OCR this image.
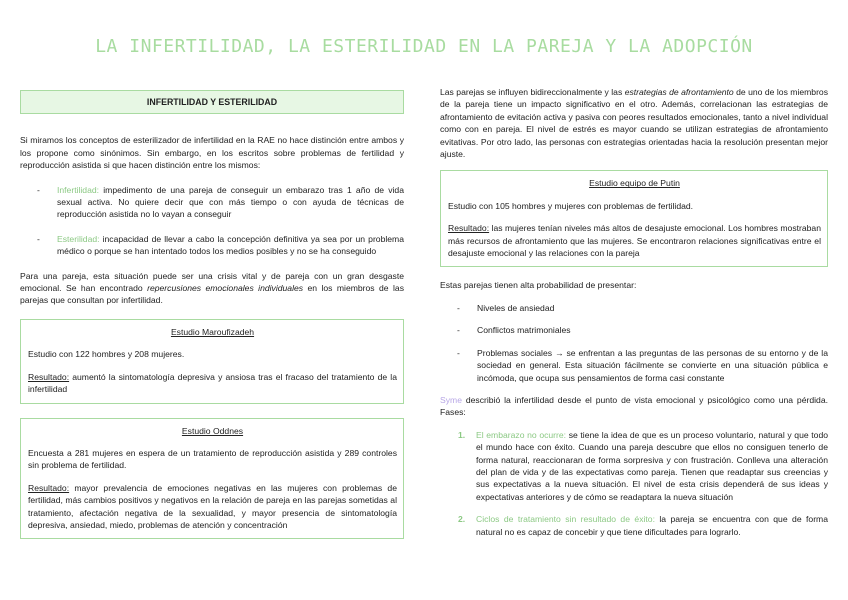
LA INFERTILIDAD, LA ESTERILIDAD EN LA PAREJA Y LA ADOPCIÓN
INFERTILIDAD Y ESTERILIDAD

Si miramos los conceptos de esterilizador de infertilidad en la RAE no hace distinción entre ambos y los propone como sinónimos. Sin embargo, en los escritos sobre problemas de fertilidad y reproducción asistida si que hacen distinción entre los mismos:

- Infertilidad: impedimento de una pareja de conseguir un embarazo tras 1 año de vida sexual activa. No quiere decir que con más tiempo o con ayuda de técnicas de reproducción asistida no lo vayan a conseguir
- Esterilidad: incapacidad de llevar a cabo la concepción definitiva ya sea por un problema médico o porque se han intentado todos los medios posibles y no se ha conseguido

Para una pareja, esta situación puede ser una crisis vital y de pareja con un gran desgaste emocional. Se han encontrado repercusiones emocionales individuales en los miembros de las parejas que consultan por infertilidad.

Estudio Maroufizadeh

Estudio con 122 hombres y 208 mujeres.

Resultado: aumentó la sintomatología depresiva y ansiosa tras el fracaso del tratamiento de la infertilidad

Estudio Oddnes

Encuesta a 281 mujeres en espera de un tratamiento de reproducción asistida y 289 controles sin problema de fertilidad.

Resultado: mayor prevalencia de emociones negativas en las mujeres con problemas de fertilidad, más cambios positivos y negativos en la relación de pareja en las parejas sometidas al tratamiento, afectación negativa de la sexualidad, y mayor presencia de sintomatología depresiva, ansiedad, miedo, problemas de atención y concentración

Las parejas se influyen bidireccionalmente y las estrategias de afrontamiento de uno de los miembros de la pareja tiene un impacto significativo en el otro. Además, correlacionan las estrategias de afrontamiento de evitación activa y pasiva con peores resultados emocionales, tanto a nivel individual como con en pareja. El nivel de estrés es mayor cuando se utilizan estrategias de afrontamiento evitativas. Por otro lado, las personas con estrategias orientadas hacia la resolución presentan mejor ajuste.

Estudio equipo de Putin

Estudio con 105 hombres y mujeres con problemas de fertilidad.

Resultado: las mujeres tenían niveles más altos de desajuste emocional. Los hombres mostraban más recursos de afrontamiento que las mujeres. Se encontraron relaciones significativas entre el desajuste emocional y las relaciones con la pareja

Estas parejas tienen alta probabilidad de presentar:

- Niveles de ansiedad
- Conflictos matrimoniales
- Problemas sociales → se enfrentan a las preguntas de las personas de su entorno y de la sociedad en general. Esta situación fácilmente se convierte en una situación pública e incómoda, que ocupa sus pensamientos de forma casi constante

Syme describió la infertilidad desde el punto de vista emocional y psicológico como una pérdida. Fases:

1. El embarazo no ocurre: se tiene la idea de que es un proceso voluntario, natural y que todo el mundo hace con éxito. Cuando una pareja descubre que ellos no consiguen tenerlo de forma natural, reaccionaran de forma sorpresiva y con frustración. Conlleva una alteración del plan de vida y de las expectativas como pareja. Tienen que readaptar sus creencias y sus expectativas a la nueva situación. El nivel de esta crisis dependerá de sus ideas y expectativas anteriores y de cómo se readaptara la nueva situación
2. Ciclos de tratamiento sin resultado de éxito: la pareja se encuentra con que de forma natural no es capaz de concebir y que tiene dificultades para lograrlo.
